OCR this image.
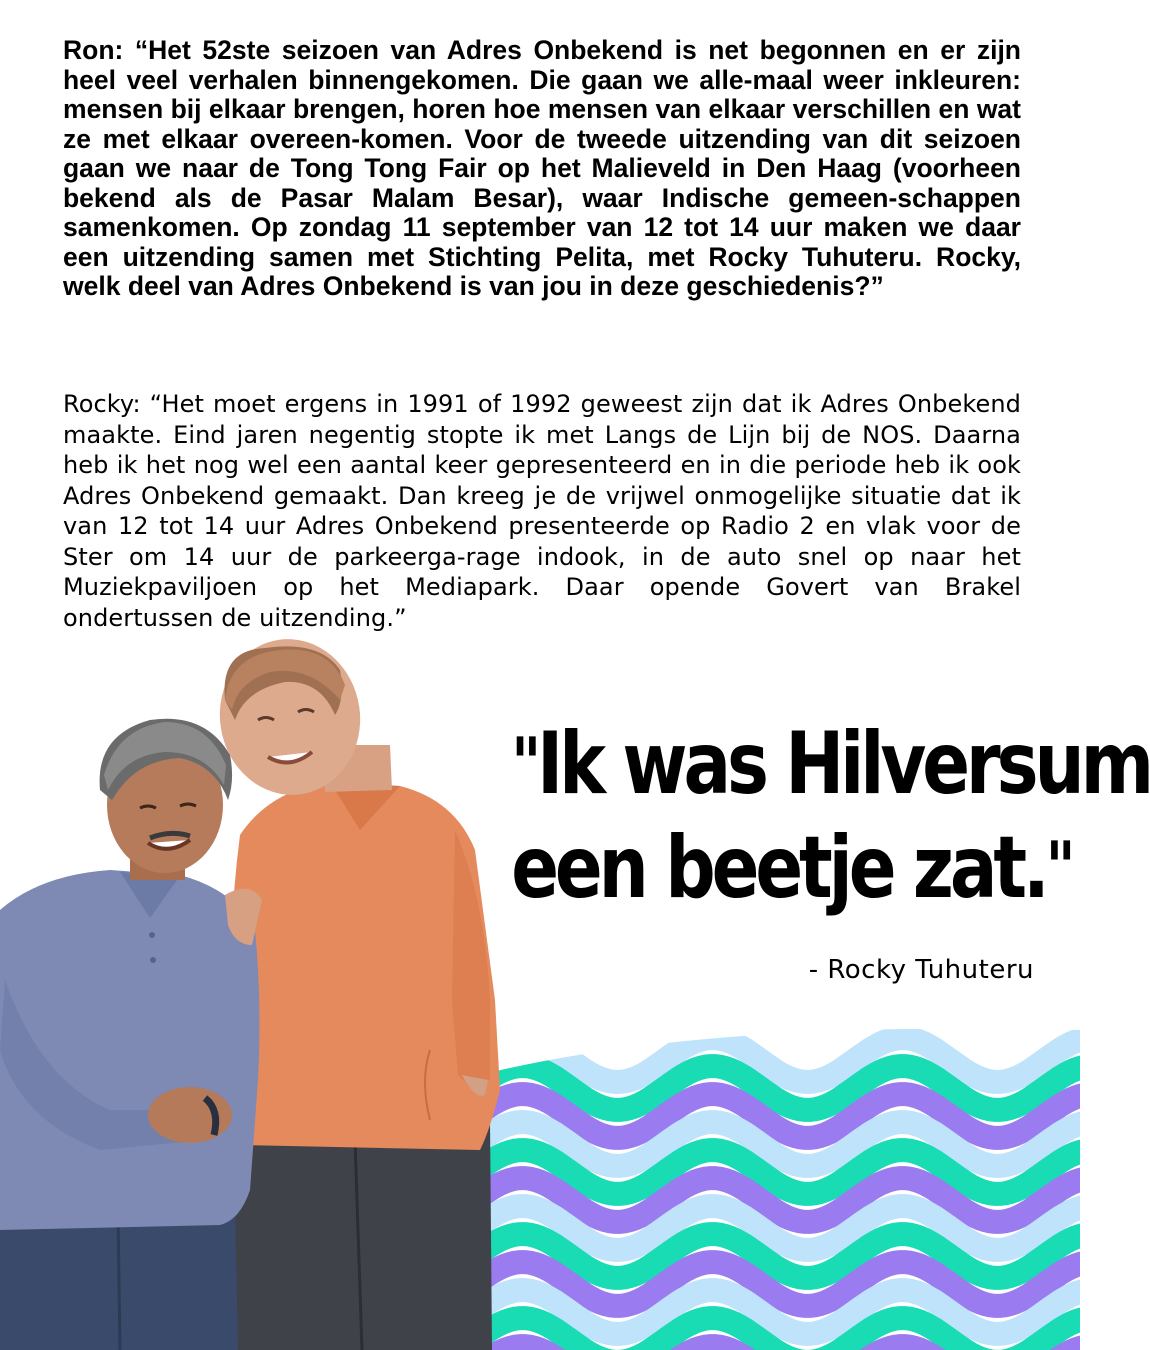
Ron: “Het 52ste seizoen van Adres Onbekend is net begonnen en er zijn heel veel verhalen binnengekomen. Die gaan we alle-maal weer inkleuren: mensen bij elkaar brengen, horen hoe mensen van elkaar verschillen en wat ze met elkaar overeen-komen. Voor de tweede uitzending van dit seizoen gaan we naar de Tong Tong Fair op het Malieveld in Den Haag (voorheen bekend als de Pasar Malam Besar), waar Indische gemeen-schappen samenkomen. Op zondag 11 september van 12 tot 14 uur maken we daar een uitzending samen met Stichting Pelita, met Rocky Tuhuteru. Rocky, welk deel van Adres Onbekend is van jou in deze geschiedenis?”

Rocky: “Het moet ergens in 1991 of 1992 geweest zijn dat ik Adres Onbekend maakte. Eind jaren negentig stopte ik met Langs de Lijn bij de NOS. Daarna heb ik het nog wel een aantal keer gepresenteerd en in die periode heb ik ook Adres Onbekend gemaakt. Dan kreeg je de vrijwel onmogelijke situatie dat ik van 12 tot 14 uur Adres Onbekend presenteerde op Radio 2 en vlak voor de Ster om 14 uur de parkeerga-rage indook, in de auto snel op naar het Muziekpaviljoen op het Mediapark. Daar opende Govert van Brakel ondertussen de uitzending.”

"Ik was Hilversum
een beetje zat."
- Rocky Tuhuteru
